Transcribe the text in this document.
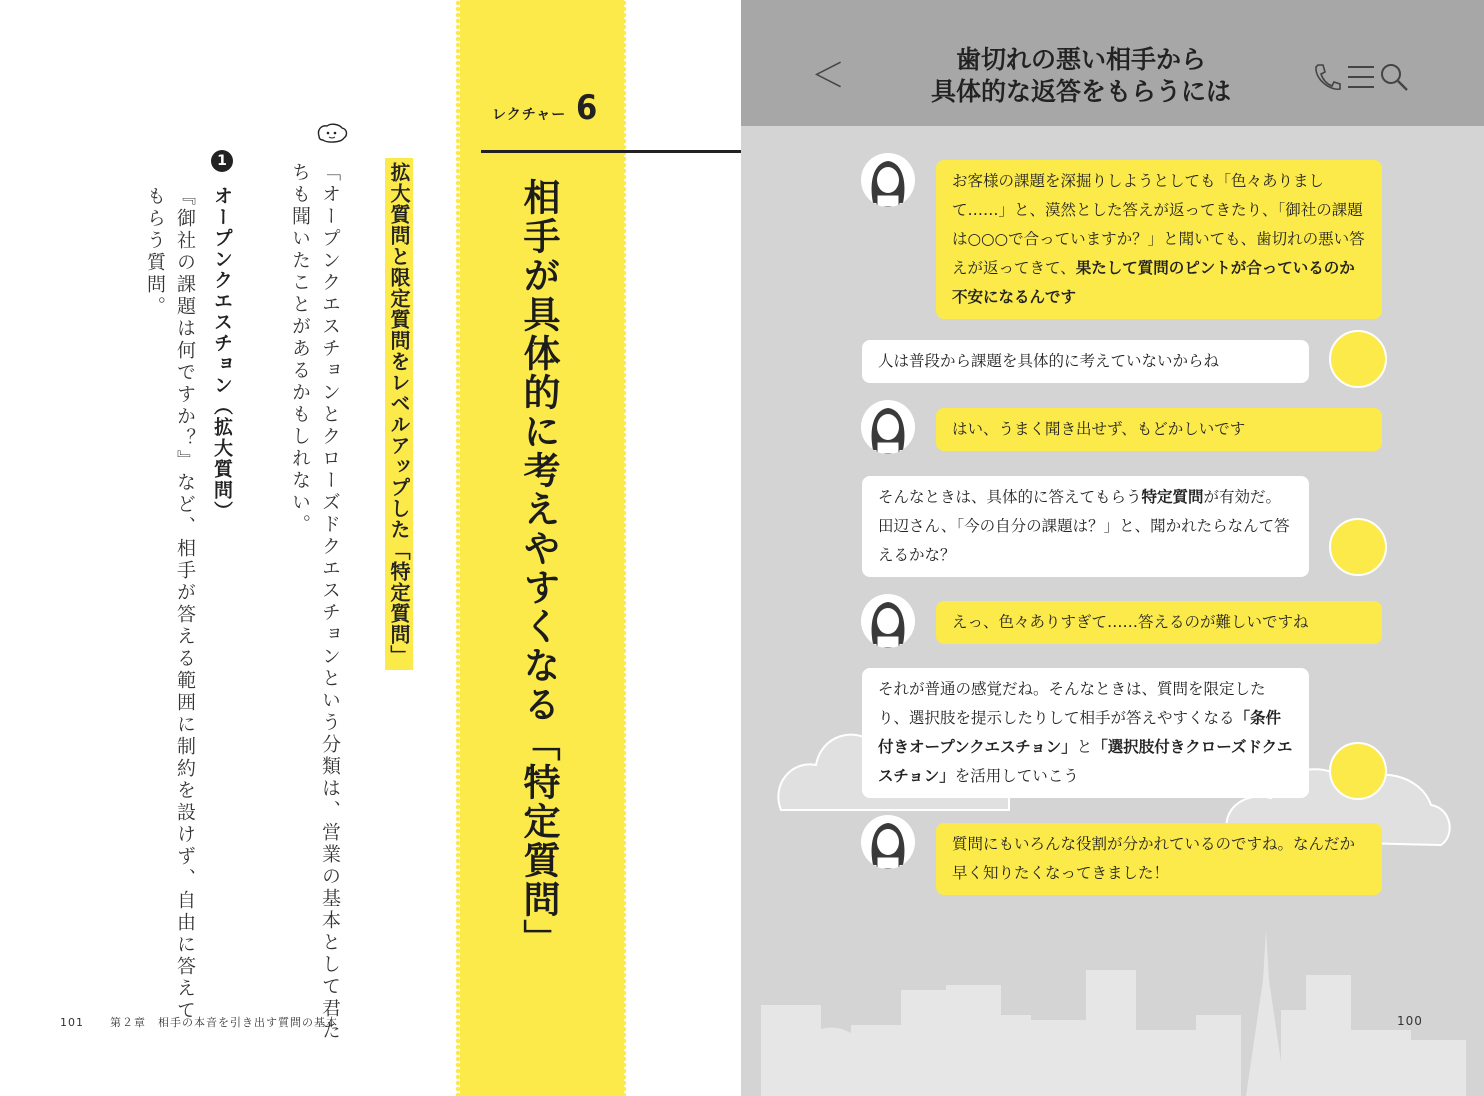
レクチャー 6
相手が具体的に考えやすくなる「特定質問」
拡大質問と限定質問をレベルアップした「特定質問」
「オープンクエスチョンとクローズドクエスチョンという分類は、営業の基本として君た
ちも聞いたことがあるかもしれない。
1
オープンクエスチョン（拡大質問）
『御社の課題は何ですか？』など、相手が答える範囲に制約を設けず、自由に答えて
もらう質問。
101 第２章　相手の本音を引き出す質問の基本
＜	歯切れの悪い相手から
具体的な返答をもらうには
お客様の課題を深掘りしようとしても「色々ありまして……」と、漠然とした答えが返ってきたり、「御社の課題は○○○で合っていますか？」と聞いても、歯切れの悪い答えが返ってきて、果たして質問のピントが合っているのか不安になるんです
人は普段から課題を具体的に考えていないからね
はい、うまく聞き出せず、もどかしいです
そんなときは、具体的に答えてもらう特定質問が有効だ。田辺さん、「今の自分の課題は？」と、聞かれたらなんて答えるかな？
えっ、色々ありすぎて……答えるのが難しいですね
それが普通の感覚だね。そんなときは、質問を限定したり、選択肢を提示したりして相手が答えやすくなる「条件付きオープンクエスチョン」と「選択肢付きクローズドクエスチョン」を活用していこう
質問にもいろんな役割が分かれているのですね。なんだか早く知りたくなってきました！
100
